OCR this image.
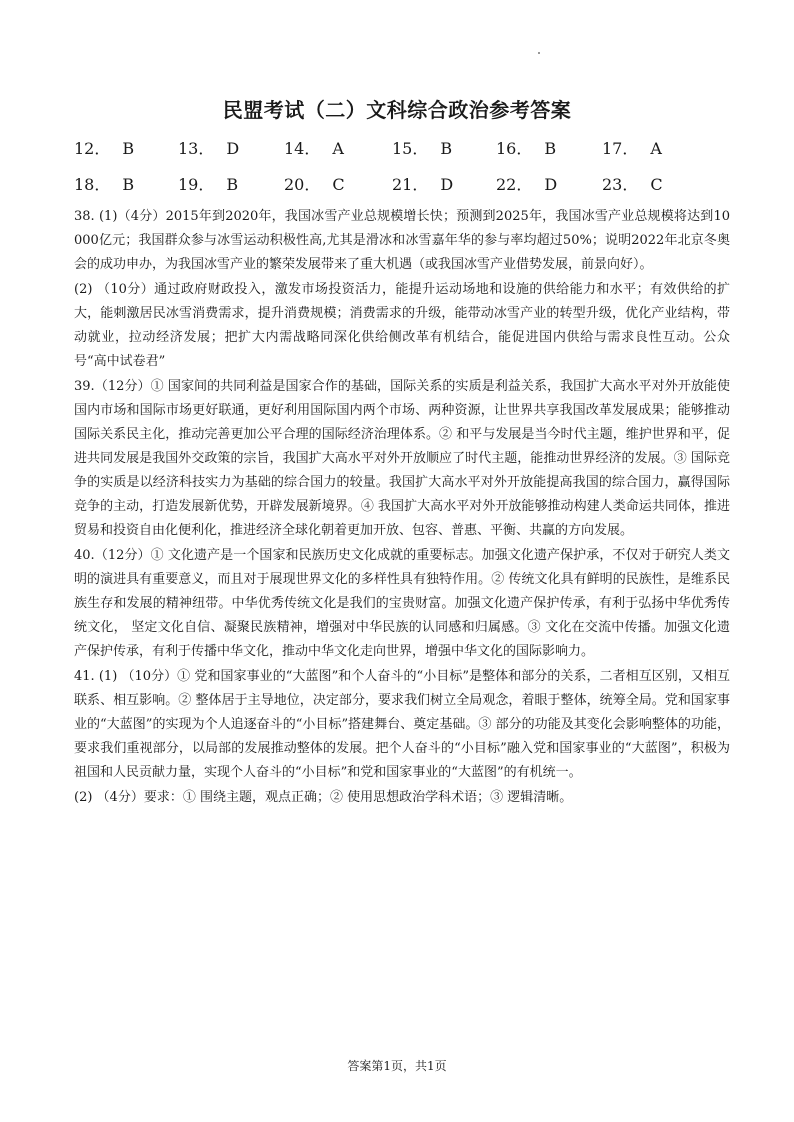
民盟考试（二）文科综合政治参考答案
12． B	13． D	14． A	15． B	16． B	17． A
18． B	19． B	20． C	21． D	22． D	23． C

38. (1)（4分）2015年到2020年，我国冰雪产业总规模增长快；预测到2025年，我国冰雪产业总规模将达到10000亿元；我国群众参与冰雪运动积极性高,尤其是滑冰和冰雪嘉年华的参与率均超过50%；说明2022年北京冬奥会的成功申办，为我国冰雪产业的繁荣发展带来了重大机遇（或我国冰雪产业借势发展，前景向好）。

(2) （10分）通过政府财政投入，激发市场投资活力，能提升运动场地和设施的供给能力和水平；有效供给的扩大，能刺激居民冰雪消费需求，提升消费规模；消费需求的升级，能带动冰雪产业的转型升级，优化产业结构，带动就业，拉动经济发展；把扩大内需战略同深化供给侧改革有机结合，能促进国内供给与需求良性互动。公众号“高中试卷君”

39.（12分）① 国家间的共同利益是国家合作的基础，国际关系的实质是利益关系，我国扩大高水平对外开放能使国内市场和国际市场更好联通，更好利用国际国内两个市场、两种资源，让世界共享我国改革发展成果；能够推动国际关系民主化，推动完善更加公平合理的国际经济治理体系。② 和平与发展是当今时代主题，维护世界和平，促进共同发展是我国外交政策的宗旨，我国扩大高水平对外开放顺应了时代主题，能推动世界经济的发展。③ 国际竞争的实质是以经济科技实力为基础的综合国力的较量。我国扩大高水平对外开放能提高我国的综合国力，赢得国际竞争的主动，打造发展新优势，开辟发展新境界。④ 我国扩大高水平对外开放能够推动构建人类命运共同体，推进贸易和投资自由化便利化，推进经济全球化朝着更加开放、包容、普惠、平衡、共赢的方向发展。

40.（12分）① 文化遗产是一个国家和民族历史文化成就的重要标志。加强文化遗产保护承，不仅对于研究人类文明的演进具有重要意义，而且对于展现世界文化的多样性具有独特作用。② 传统文化具有鲜明的民族性，是维系民族生存和发展的精神纽带。中华优秀传统文化是我们的宝贵财富。加强文化遗产保护传承，有利于弘扬中华优秀传统文化， 坚定文化自信、凝聚民族精神，增强对中华民族的认同感和归属感。③ 文化在交流中传播。加强文化遗产保护传承，有利于传播中华文化，推动中华文化走向世界，增强中华文化的国际影响力。

41. (1) （10分）① 党和国家事业的“大蓝图”和个人奋斗的“小目标”是整体和部分的关系，二者相互区别，又相互联系、相互影响。② 整体居于主导地位，决定部分，要求我们树立全局观念，着眼于整体，统筹全局。党和国家事业的“大蓝图”的实现为个人追逐奋斗的“小目标”搭建舞台、奠定基础。③ 部分的功能及其变化会影响整体的功能，要求我们重视部分，以局部的发展推动整体的发展。把个人奋斗的“小目标”融入党和国家事业的“大蓝图”，积极为祖国和人民贡献力量，实现个人奋斗的“小目标”和党和国家事业的“大蓝图”的有机统一。

(2) （4分）要求：① 围绕主题，观点正确；② 使用思想政治学科术语；③ 逻辑清晰。

答案第1页，共1页
